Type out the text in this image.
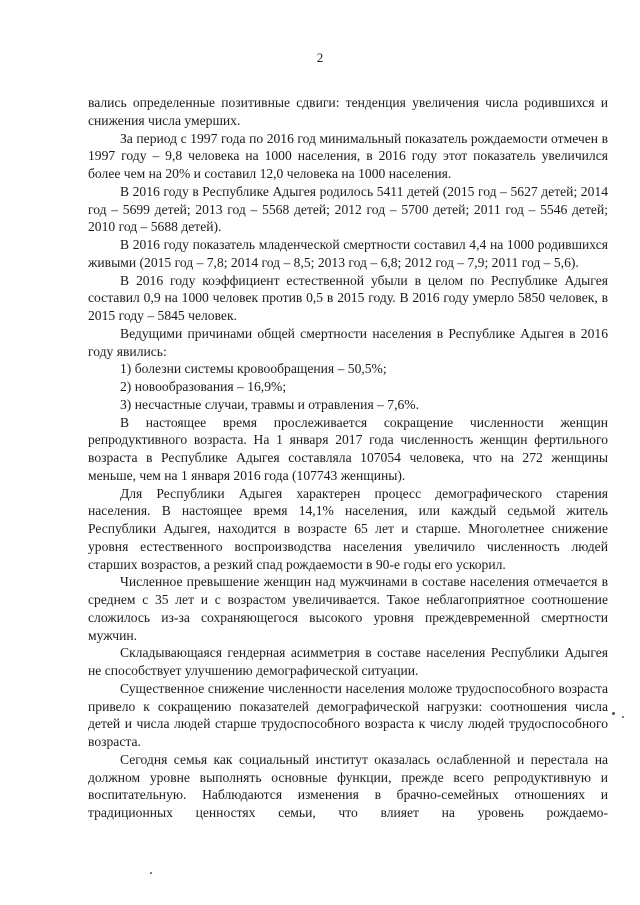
2

вались определенные позитивные сдвиги: тенденция увеличения числа родившихся и снижения числа умерших.

За период с 1997 года по 2016 год минимальный показатель рождаемости отмечен в 1997 году – 9,8 человека на 1000 населения, в 2016 году этот показатель увеличился более чем на 20% и составил 12,0 человека на 1000 населения.

В 2016 году в Республике Адыгея родилось 5411 детей (2015 год – 5627 детей; 2014 год – 5699 детей; 2013 год – 5568 детей; 2012 год – 5700 детей; 2011 год – 5546 детей; 2010 год – 5688 детей).

В 2016 году показатель младенческой смертности составил 4,4 на 1000 родившихся живыми (2015 год – 7,8; 2014 год – 8,5; 2013 год – 6,8; 2012 год – 7,9; 2011 год – 5,6).

В 2016 году коэффициент естественной убыли в целом по Республике Адыгея составил 0,9 на 1000 человек против 0,5 в 2015 году. В 2016 году умерло 5850 человек, в 2015 году – 5845 человек.

Ведущими причинами общей смертности населения в Республике Адыгея в 2016 году явились:

1) болезни системы кровообращения – 50,5%;

2) новообразования – 16,9%;

3) несчастные случаи, травмы и отравления – 7,6%.

В настоящее время прослеживается сокращение численности женщин репродуктивного возраста. На 1 января 2017 года численность женщин фертильного возраста в Республике Адыгея составляла 107054 человека, что на 272 женщины меньше, чем на 1 января 2016 года (107743 женщины).

Для Республики Адыгея характерен процесс демографического старения населения. В настоящее время 14,1% населения, или каждый седьмой житель Республики Адыгея, находится в возрасте 65 лет и старше. Многолетнее снижение уровня естественного воспроизводства населения увеличило численность людей старших возрастов, а резкий спад рождаемости в 90-е годы его ускорил.

Численное превышение женщин над мужчинами в составе населения отмечается в среднем с 35 лет и с возрастом увеличивается. Такое неблагоприятное соотношение сложилось из-за сохраняющегося высокого уровня преждевременной смертности мужчин.

Складывающаяся гендерная асимметрия в составе населения Республики Адыгея не способствует улучшению демографической ситуации.

Существенное снижение численности населения моложе трудоспособного возраста привело к сокращению показателей демографической нагрузки: соотношения числа детей и числа людей старше трудоспособного возраста к числу людей трудоспособного возраста.

Сегодня семья как социальный институт оказалась ослабленной и перестала на должном уровне выполнять основные функции, прежде всего репродуктивную и воспитательную. Наблюдаются изменения в брачно-семейных отношениях и традиционных ценностях семьи, что влияет на уровень рождаемо-
